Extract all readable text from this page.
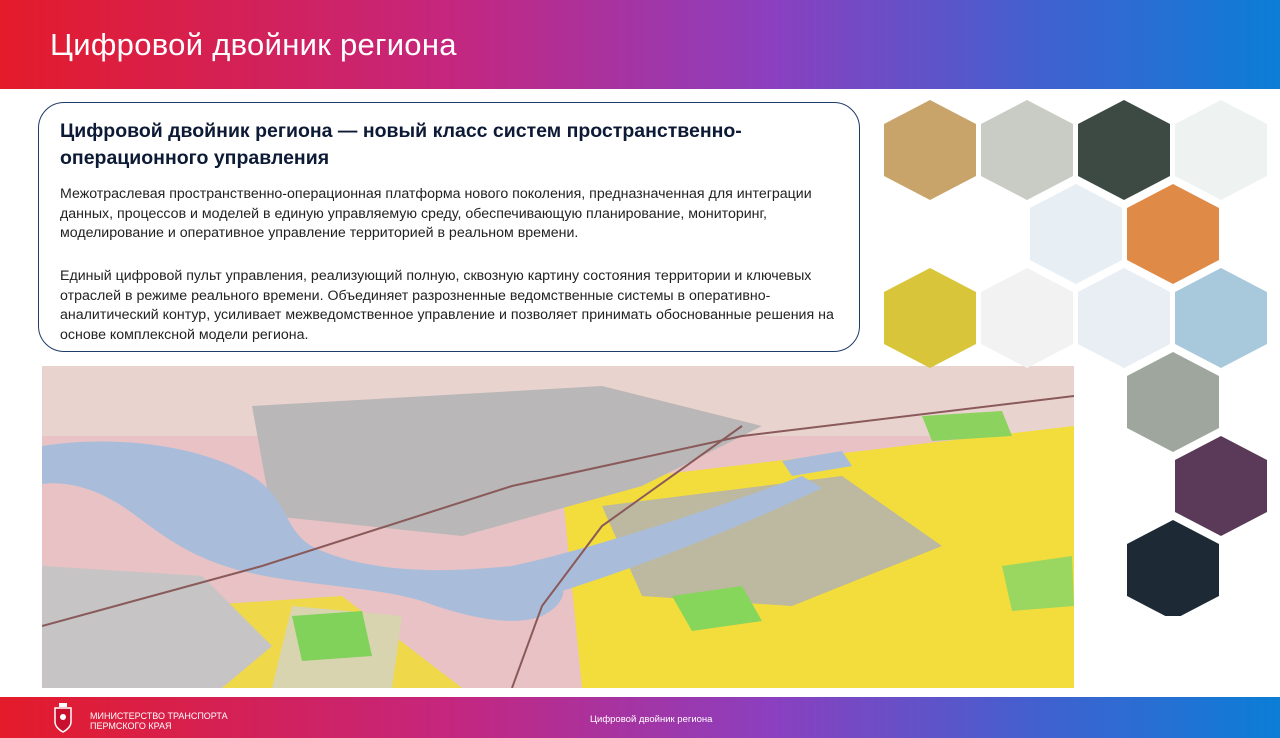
Цифровой двойник региона
Цифровой двойник региона — новый класс систем пространственно-операционного управления

Межотраслевая пространственно-операционная платформа нового поколения, предназначенная для интеграции данных, процессов и моделей в единую управляемую среду, обеспечивающую планирование, мониторинг, моделирование и оперативное управление территорией в реальном времени.

Единый цифровой пульт управления, реализующий полную, сквозную картину состояния территории и ключевых отраслей в режиме реального времени. Объединяет разрозненные ведомственные системы в оперативно-аналитический контур, усиливает межведомственное управление и позволяет принимать обоснованные решения на основе комплексной модели региона.

МИНИСТЕРСТВО ТРАНСПОРТА
ПЕРМСКОГО КРАЯ
Цифровой двойник региона
